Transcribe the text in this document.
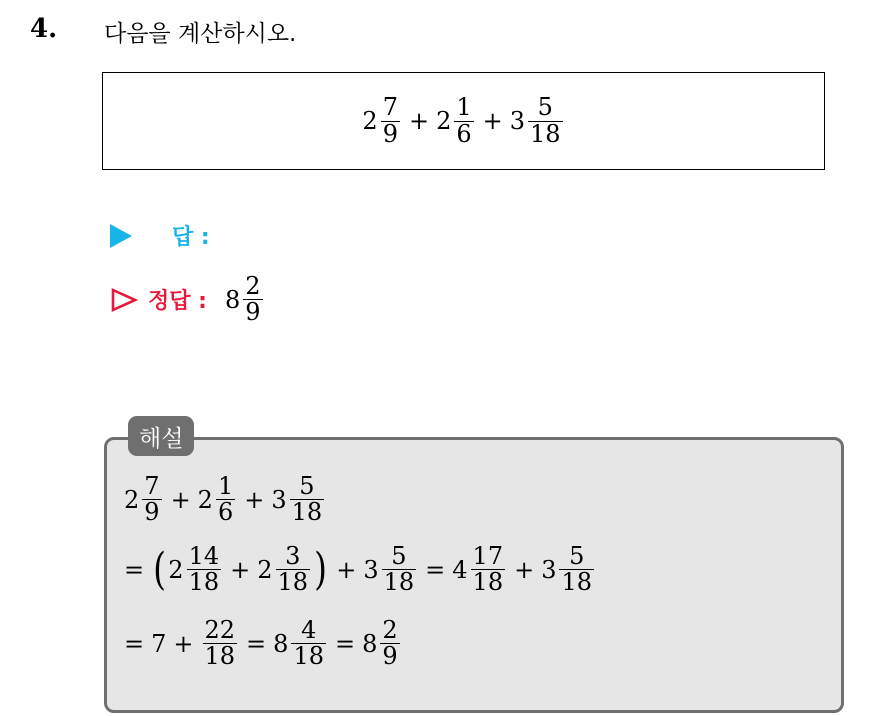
4. 다음을 계산하시오.
$2 \frac{7}{9} + 2 \frac{1}{6} + 3 \frac{5}{18}$
답 :
정답 : $8 \frac{2}{9}$
해설
$2 \frac{7}{9} + 2 \frac{1}{6} + 3 \frac{5}{18}$
= ( $2 \frac{14}{18} + 2 \frac{3}{18}$ ) + $3 \frac{5}{18} = 4 \frac{17}{18} + 3 \frac{5}{18}$
= $7 + \frac{22}{18} = 8 \frac{4}{18} = 8 \frac{2}{9}$
